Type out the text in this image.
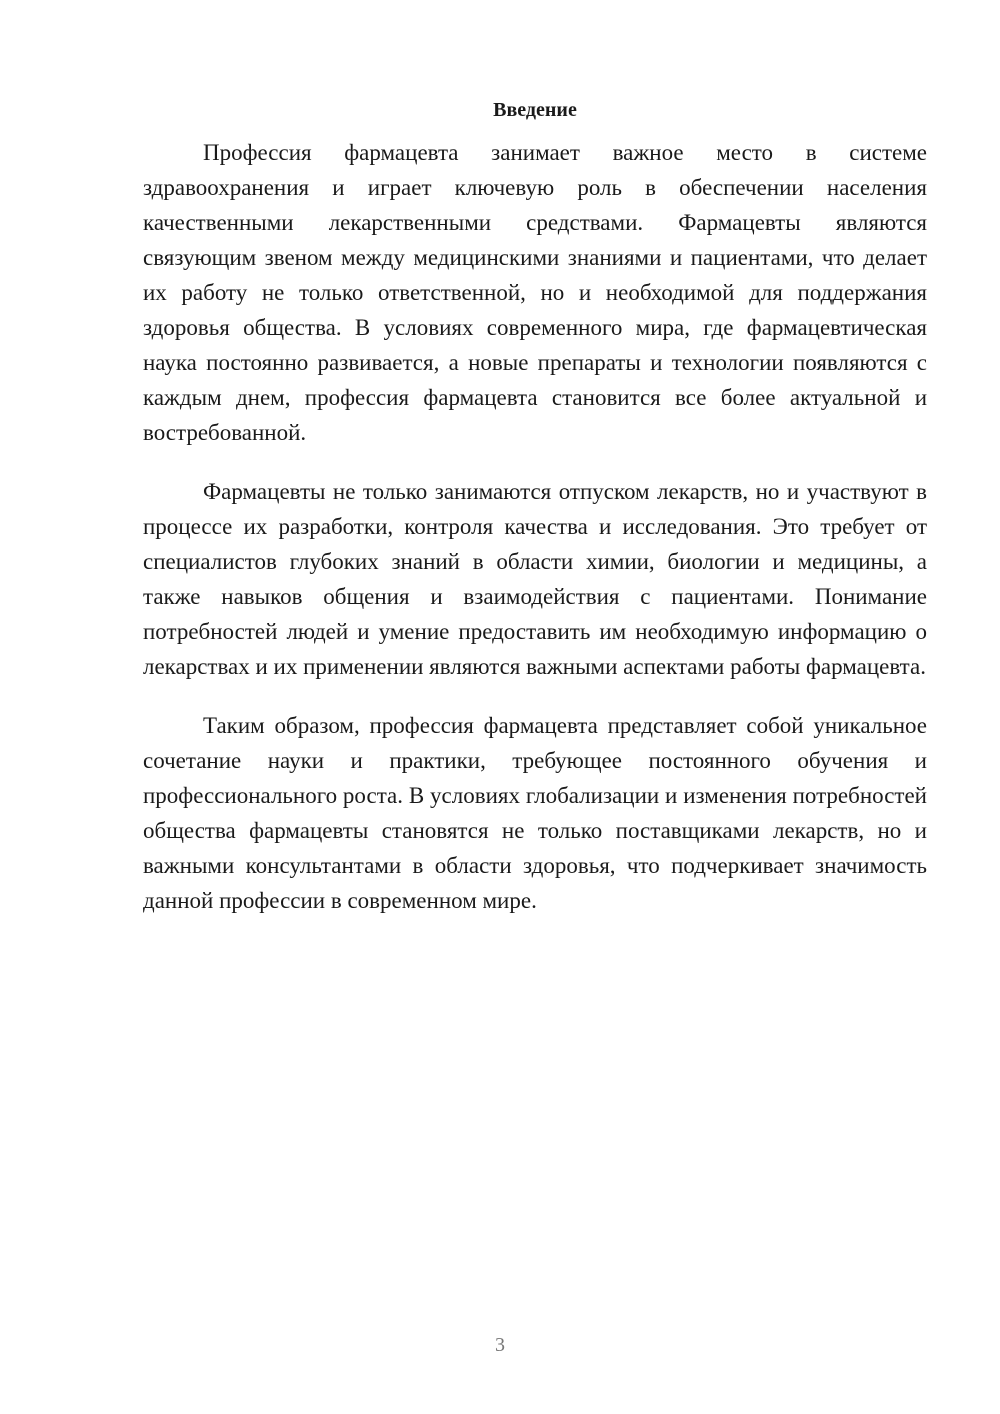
Введение

Профессия фармацевта занимает важное место в системе здравоохранения и играет ключевую роль в обеспечении населения качественными лекарственными средствами. Фармацевты являются связующим звеном между медицинскими знаниями и пациентами, что делает их работу не только ответственной, но и необходимой для поддержания здоровья общества. В условиях современного мира, где фармацевтическая наука постоянно развивается, а новые препараты и технологии появляются с каждым днем, профессия фармацевта становится все более актуальной и востребованной.

Фармацевты не только занимаются отпуском лекарств, но и участвуют в процессе их разработки, контроля качества и исследования. Это требует от специалистов глубоких знаний в области химии, биологии и медицины, а также навыков общения и взаимодействия с пациентами. Понимание потребностей людей и умение предоставить им необходимую информацию о лекарствах и их применении являются важными аспектами работы фармацевта.

Таким образом, профессия фармацевта представляет собой уникальное сочетание науки и практики, требующее постоянного обучения и профессионального роста. В условиях глобализации и изменения потребностей общества фармацевты становятся не только поставщиками лекарств, но и важными консультантами в области здоровья, что подчеркивает значимость данной профессии в современном мире.

3
